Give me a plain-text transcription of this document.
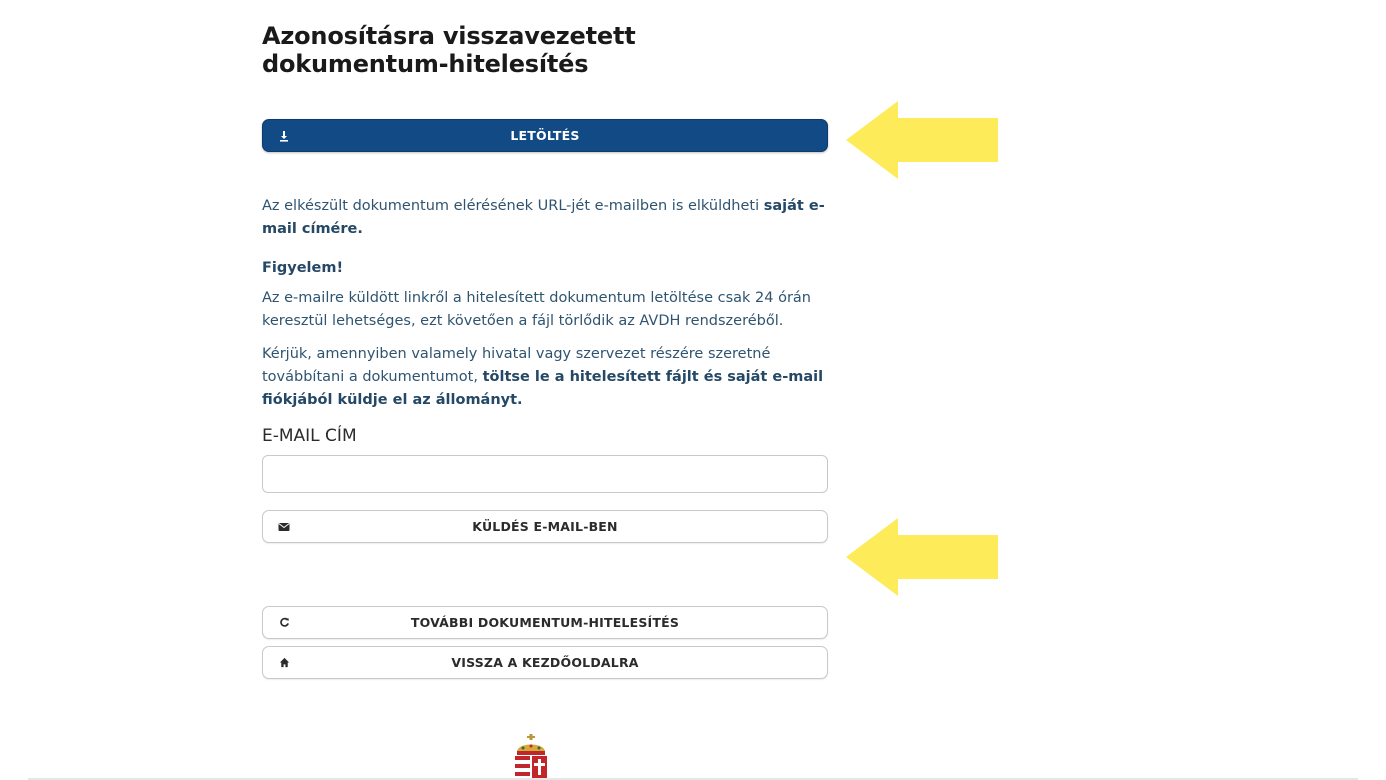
Azonosításra visszavezetett dokumentum-hitelesítés
LETÖLTÉS

Az elkészült dokumentum elérésének URL-jét e-mailben is elküldheti saját e-mail címére.

Figyelem!

Az e-mailre küldött linkről a hitelesített dokumentum letöltése csak 24 órán keresztül lehetséges, ezt követően a fájl törlődik az AVDH rendszeréből.

Kérjük, amennyiben valamely hivatal vagy szervezet részére szeretné továbbítani a dokumentumot, töltse le a hitelesített fájlt és saját e-mail fiókjából küldje el az állományt.

E-MAIL CÍM

KÜLDÉS E-MAIL-BEN
TOVÁBBI DOKUMENTUM-HITELESÍTÉS
VISSZA A KEZDŐOLDALRA
